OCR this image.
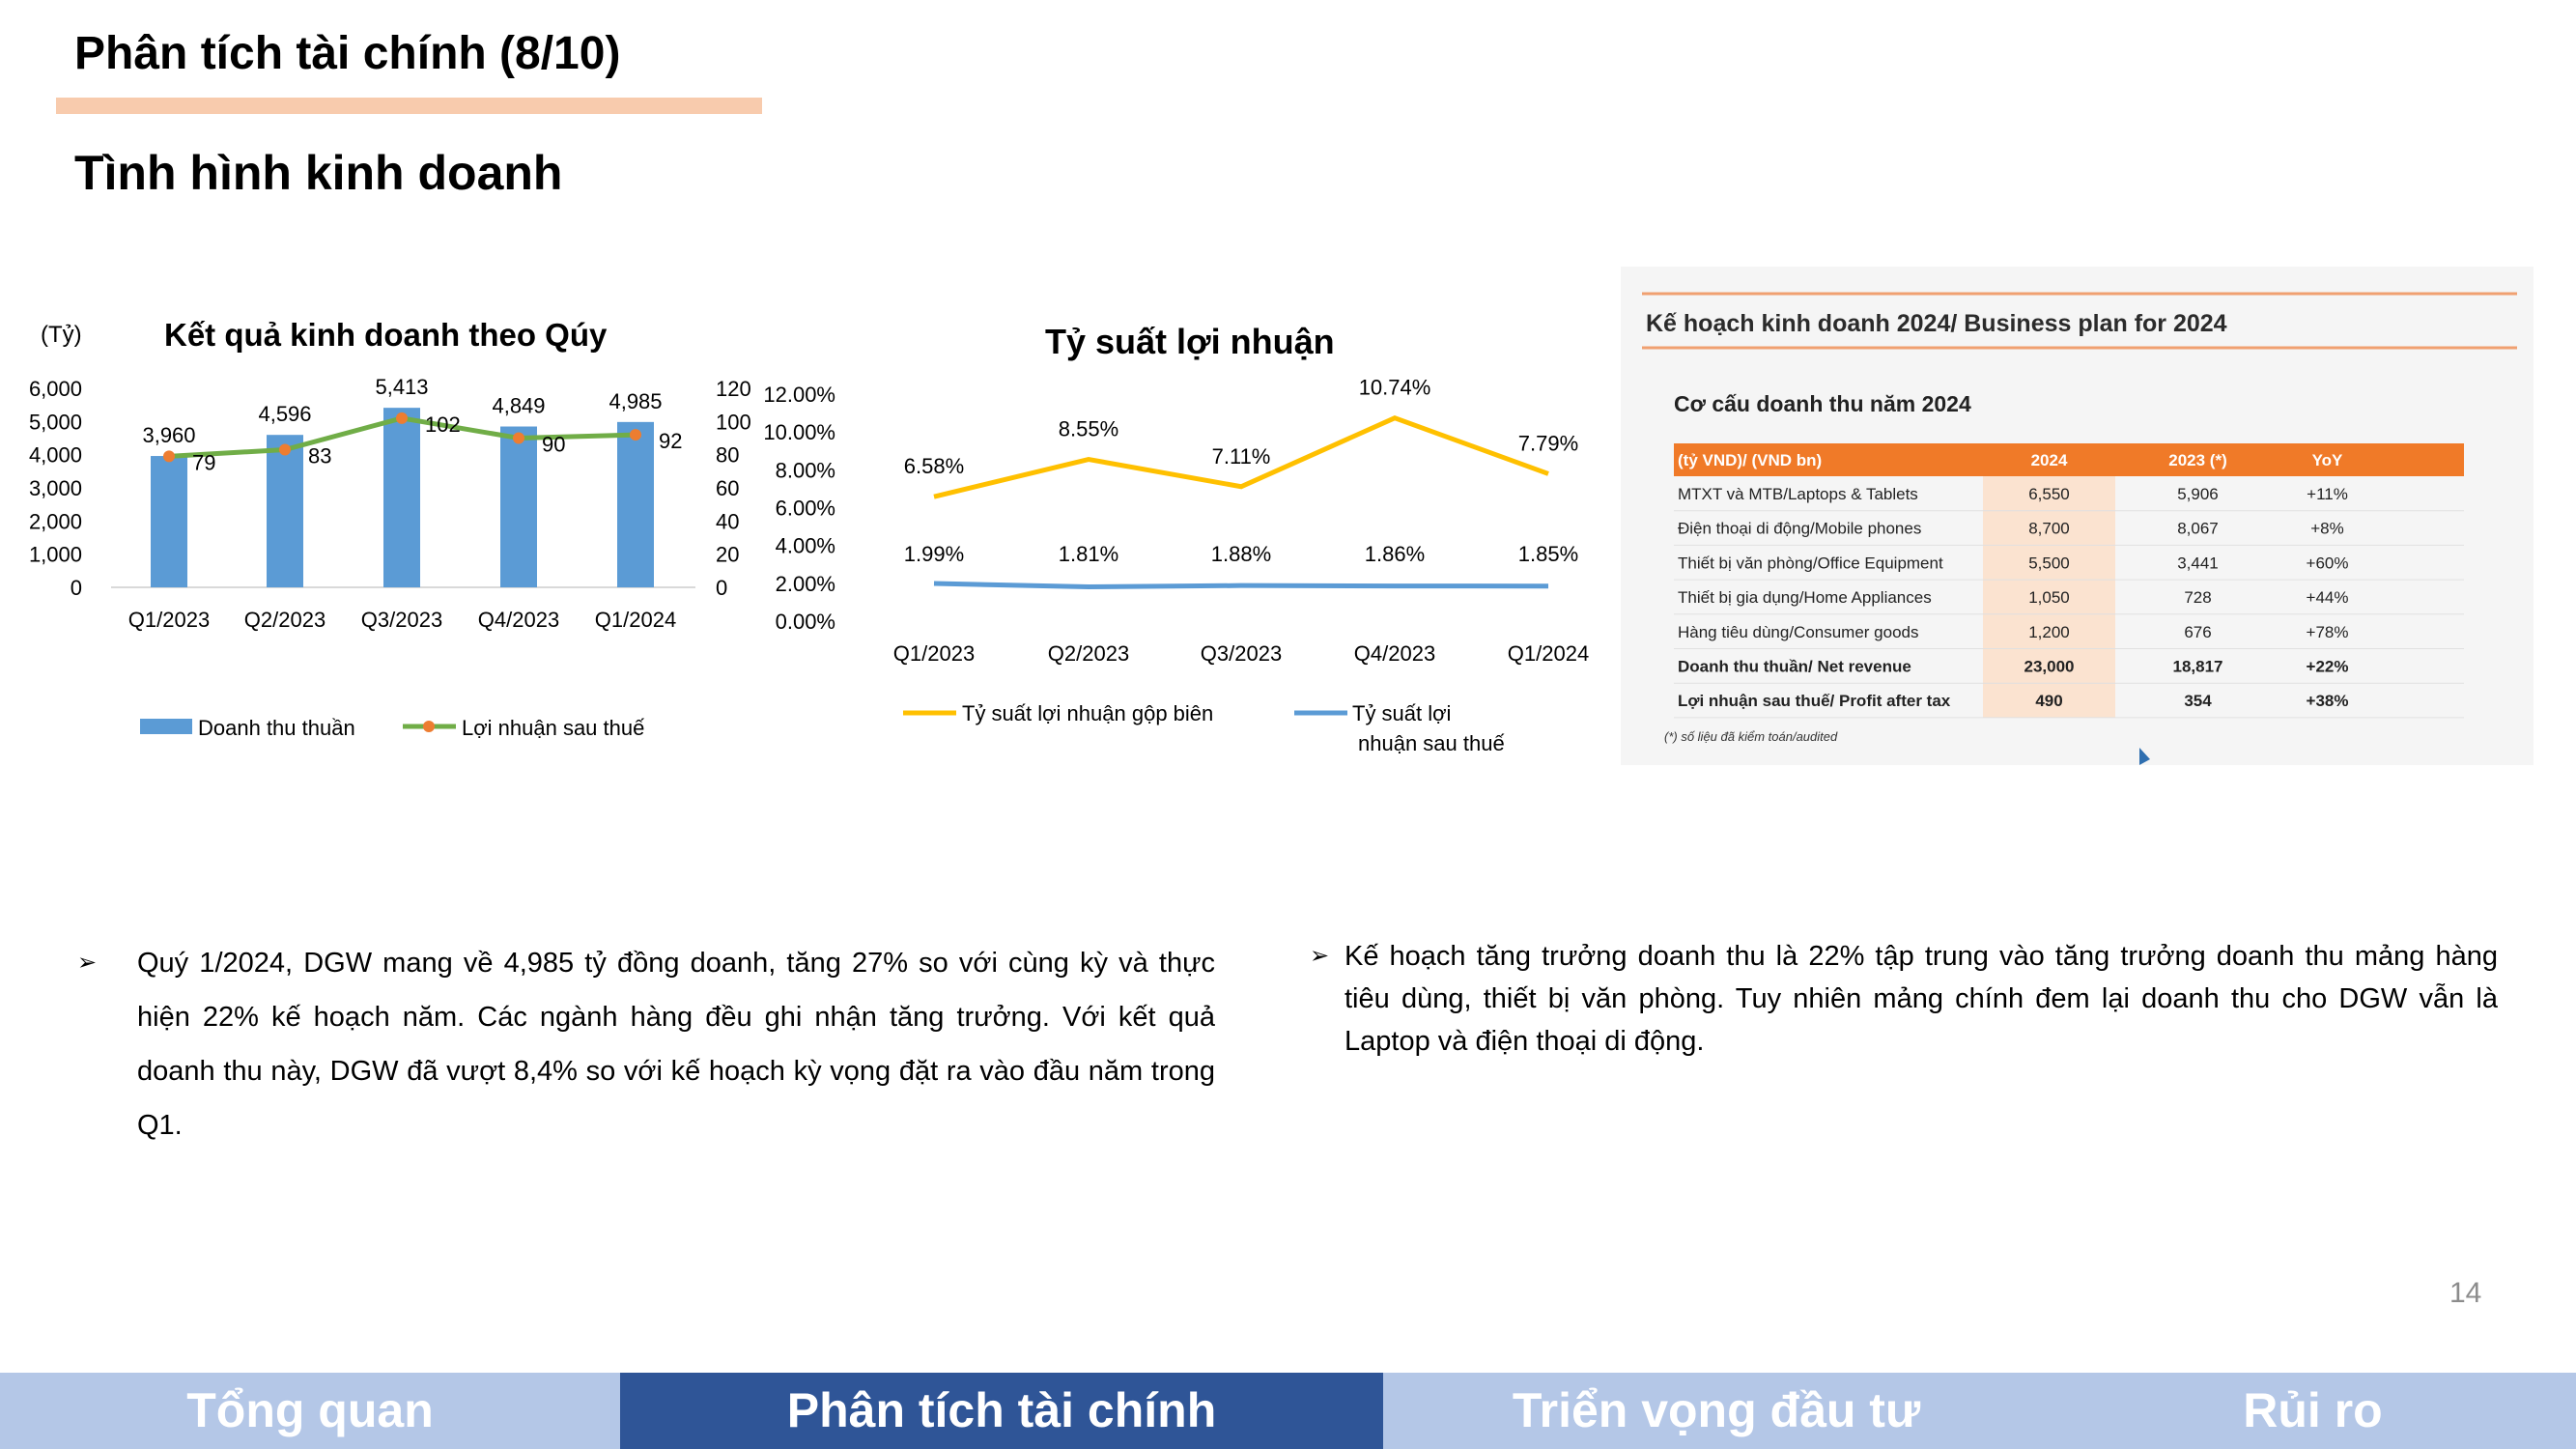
Phân tích tài chính (8/10)
Tình hình kinh doanh
(Tỷ)	Kết quả kinh doanh theo Qúy
6,000
5,000
4,000
3,000
2,000
1,000
0
120
100
80
60
40
20
0
3,960
4,596
5,413
4,849	4,985
79	83
102
90	92
Q1/2023 Q2/2023 Q3/2023 Q4/2023 Q1/2024
Doanh thu thuần	Lợi nhuận sau thuế
Tỷ suất lợi nhuận
12.00%
10.00%
8.00%
6.00%
4.00%
2.00%
0.00%
6.58%
8.55%
7.11%
10.74%
7.79%
1.99%	1.81%	1.88%	1.86%	1.85%
Q1/2023	Q2/2023	Q3/2023	Q4/2023	Q1/2024
Tỷ suất lợi nhuận gộp biên	Tỷ suất lợi
nhuận sau thuế
Kế hoạch kinh doanh 2024/ Business plan for 2024
Cơ cấu doanh thu năm 2024
(tỷ VND)/ (VND bn)	2024	2023 (*)	YoY
MTXT và MTB/Laptops & Tablets	6,550	5,906	+11%
Điện thoại di động/Mobile phones	8,700	8,067	+8%
Thiết bị văn phòng/Office Equipment	5,500	3,441	+60%
Thiết bị gia dụng/Home Appliances	1,050	728	+44%
Hàng tiêu dùng/Consumer goods	1,200	676	+78%
Doanh thu thuần/ Net revenue	23,000	18,817	+22%
Lợi nhuận sau thuế/ Profit after tax	490	354	+38%
(*) số liệu đã kiểm toán/audited
➢ Quý 1/2024, DGW mang về 4,985 tỷ đồng doanh, tăng 27% so với cùng kỳ và thực hiện 22% kế hoạch năm. Các ngành hàng đều ghi nhận tăng trưởng. Với kết quả doanh thu này, DGW đã vượt 8,4% so với kế hoạch kỳ vọng đặt ra vào đầu năm trong Q1.
➢ Kế hoạch tăng trưởng doanh thu là 22% tập trung vào tăng trưởng doanh thu mảng hàng tiêu dùng, thiết bị văn phòng. Tuy nhiên mảng chính đem lại doanh thu cho DGW vẫn là Laptop và điện thoại di động.
14
Tổng quan	Phân tích tài chính	Triển vọng đầu tư	Rủi ro
